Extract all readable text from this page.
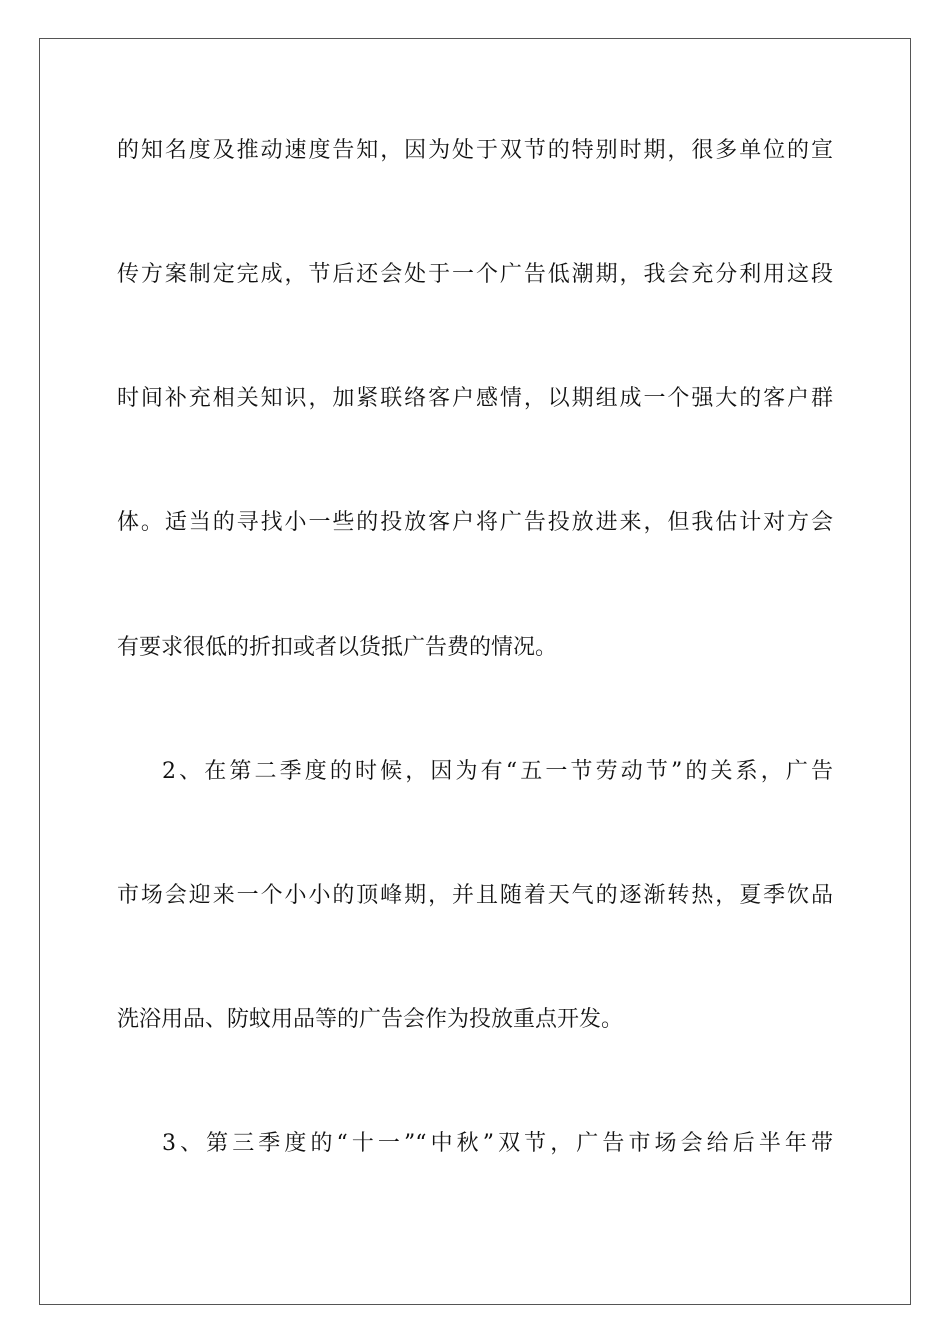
的知名度及推动速度告知，因为处于双节的特别时期，很多单位的宣
传方案制定完成，节后还会处于一个广告低潮期，我会充分利用这段
时间补充相关知识，加紧联络客户感情，以期组成一个强大的客户群
体。适当的寻找小一些的投放客户将广告投放进来，但我估计对方会
有要求很低的折扣或者以货抵广告费的情况。
2、在第二季度的时候，因为有“五一节劳动节”的关系，广告
市场会迎来一个小小的顶峰期，并且随着天气的逐渐转热，夏季饮品
洗浴用品、防蚊用品等的广告会作为投放重点开发。
3、第三季度的“十一”“中秋”双节，广告市场会给后半年带
